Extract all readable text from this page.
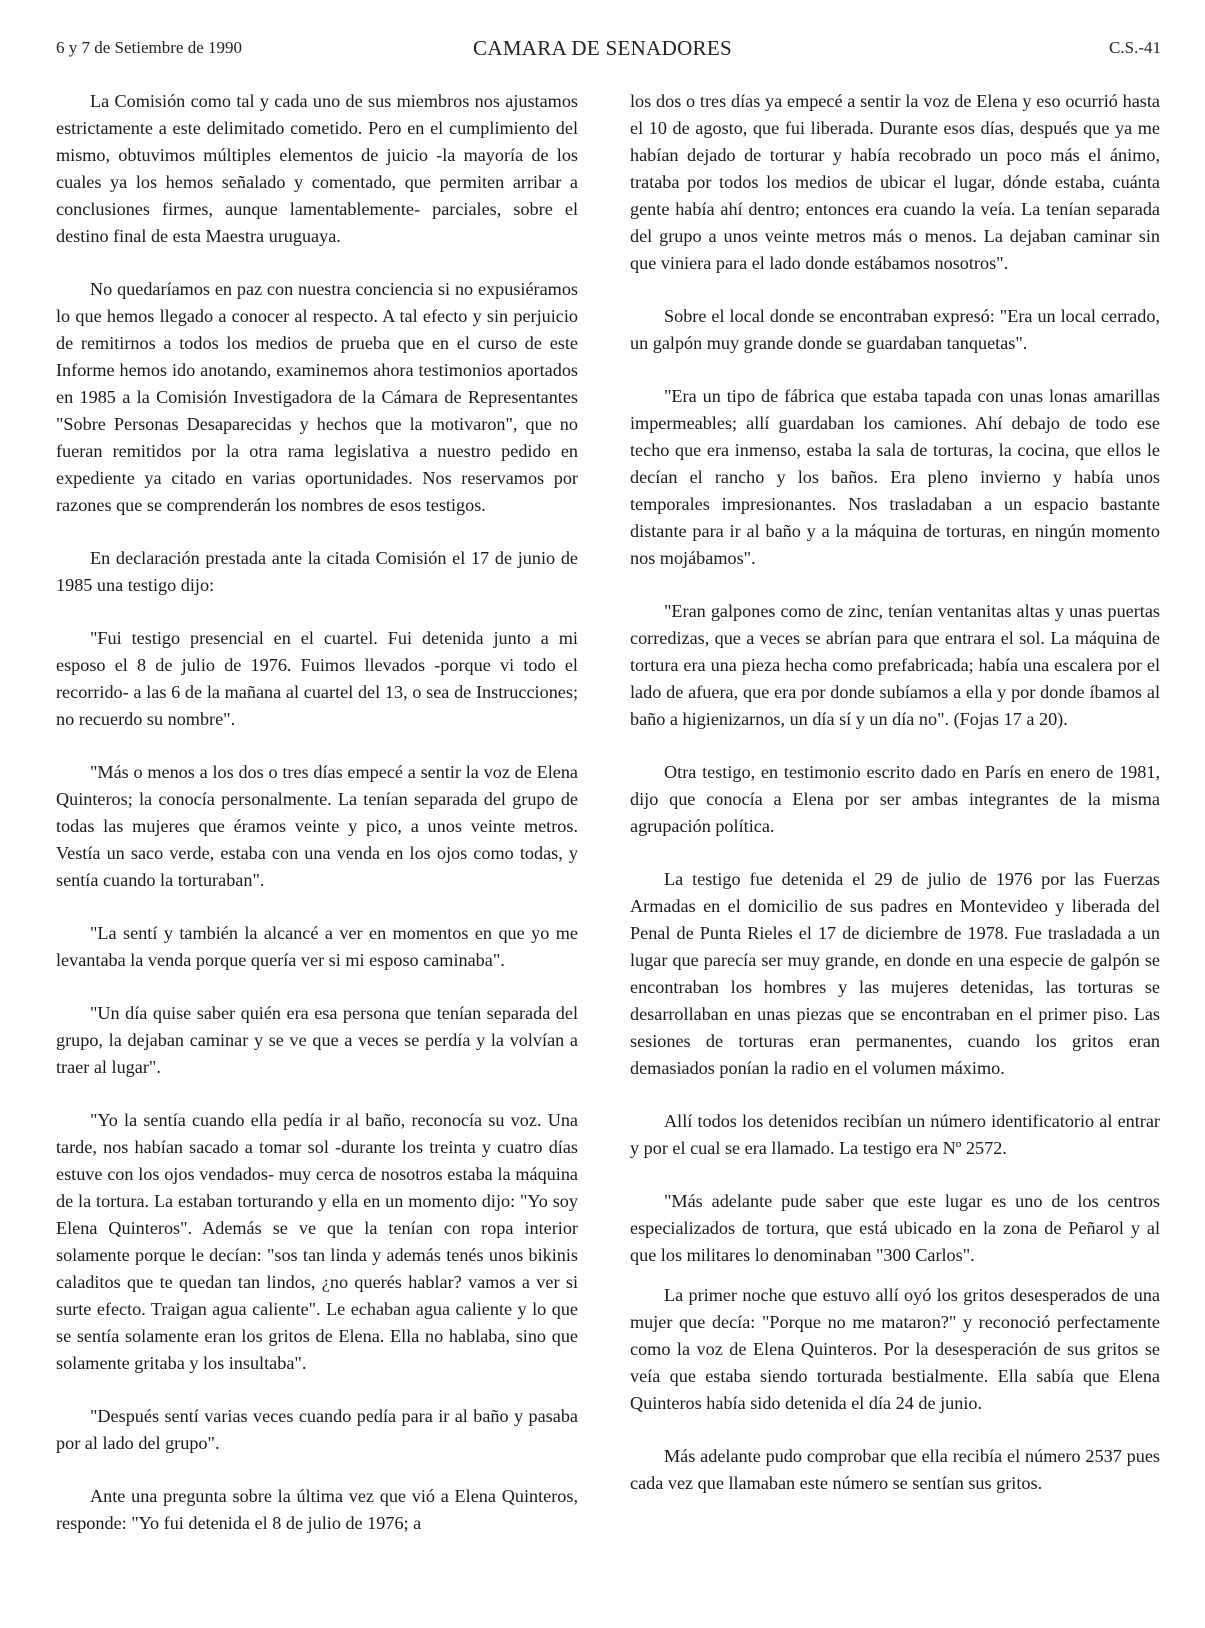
6 y 7 de Setiembre de 1990	CAMARA DE SENADORES	C.S.-41

La Comisión como tal y cada uno de sus miembros nos ajustamos estrictamente a este delimitado cometido. Pero en el cumplimiento del mismo, obtuvimos múltiples elementos de juicio -la mayoría de los cuales ya los hemos señalado y comentado, que permiten arribar a conclusiones firmes, aunque lamentablemente- parciales, sobre el destino final de esta Maestra uruguaya.

No quedaríamos en paz con nuestra conciencia si no expusiéramos lo que hemos llegado a conocer al respecto. A tal efecto y sin perjuicio de remitirnos a todos los medios de prueba que en el curso de este Informe hemos ido anotando, examinemos ahora testimonios aportados en 1985 a la Comisión Investigadora de la Cámara de Representantes "Sobre Personas Desaparecidas y hechos que la motivaron", que no fueran remitidos por la otra rama legislativa a nuestro pedido en expediente ya citado en varias oportunidades. Nos reservamos por razones que se comprenderán los nombres de esos testigos.

En declaración prestada ante la citada Comisión el 17 de junio de 1985 una testigo dijo:

"Fui testigo presencial en el cuartel. Fui detenida junto a mi esposo el 8 de julio de 1976. Fuimos llevados -porque vi todo el recorrido- a las 6 de la mañana al cuartel del 13, o sea de Instrucciones; no recuerdo su nombre".

"Más o menos a los dos o tres días empecé a sentir la voz de Elena Quinteros; la conocía personalmente. La tenían separada del grupo de todas las mujeres que éramos veinte y pico, a unos veinte metros. Vestía un saco verde, estaba con una venda en los ojos como todas, y sentía cuando la torturaban".

"La sentí y también la alcancé a ver en momentos en que yo me levantaba la venda porque quería ver si mi esposo caminaba".

"Un día quise saber quién era esa persona que tenían separada del grupo, la dejaban caminar y se ve que a veces se perdía y la volvían a traer al lugar".

"Yo la sentía cuando ella pedía ir al baño, reconocía su voz. Una tarde, nos habían sacado a tomar sol -durante los treinta y cuatro días estuve con los ojos vendados- muy cerca de nosotros estaba la máquina de la tortura. La estaban torturando y ella en un momento dijo: "Yo soy Elena Quinteros". Además se ve que la tenían con ropa interior solamente porque le decían: "sos tan linda y además tenés unos bikinis caladitos que te quedan tan lindos, ¿no querés hablar? vamos a ver si surte efecto. Traigan agua caliente". Le echaban agua caliente y lo que se sentía solamente eran los gritos de Elena. Ella no hablaba, sino que solamente gritaba y los insultaba".

"Después sentí varias veces cuando pedía para ir al baño y pasaba por al lado del grupo".

Ante una pregunta sobre la última vez que vió a Elena Quinteros, responde: "Yo fui detenida el 8 de julio de 1976; a

los dos o tres días ya empecé a sentir la voz de Elena y eso ocurrió hasta el 10 de agosto, que fui liberada. Durante esos días, después que ya me habían dejado de torturar y había recobrado un poco más el ánimo, trataba por todos los medios de ubicar el lugar, dónde estaba, cuánta gente había ahí dentro; entonces era cuando la veía. La tenían separada del grupo a unos veinte metros más o menos. La dejaban caminar sin que viniera para el lado donde estábamos nosotros".

Sobre el local donde se encontraban expresó: "Era un local cerrado, un galpón muy grande donde se guardaban tanquetas".

"Era un tipo de fábrica que estaba tapada con unas lonas amarillas impermeables; allí guardaban los camiones. Ahí debajo de todo ese techo que era inmenso, estaba la sala de torturas, la cocina, que ellos le decían el rancho y los baños. Era pleno invierno y había unos temporales impresionantes. Nos trasladaban a un espacio bastante distante para ir al baño y a la máquina de torturas, en ningún momento nos mojábamos".

"Eran galpones como de zinc, tenían ventanitas altas y unas puertas corredizas, que a veces se abrían para que entrara el sol. La máquina de tortura era una pieza hecha como prefabricada; había una escalera por el lado de afuera, que era por donde subíamos a ella y por donde íbamos al baño a higienizarnos, un día sí y un día no". (Fojas 17 a 20).

Otra testigo, en testimonio escrito dado en París en enero de 1981, dijo que conocía a Elena por ser ambas integrantes de la misma agrupación política.

La testigo fue detenida el 29 de julio de 1976 por las Fuerzas Armadas en el domicilio de sus padres en Montevideo y liberada del Penal de Punta Rieles el 17 de diciembre de 1978. Fue trasladada a un lugar que parecía ser muy grande, en donde en una especie de galpón se encontraban los hombres y las mujeres detenidas, las torturas se desarrollaban en unas piezas que se encontraban en el primer piso. Las sesiones de torturas eran permanentes, cuando los gritos eran demasiados ponían la radio en el volumen máximo.

Allí todos los detenidos recibían un número identificatorio al entrar y por el cual se era llamado. La testigo era Nº 2572.

"Más adelante pude saber que este lugar es uno de los centros especializados de tortura, que está ubicado en la zona de Peñarol y al que los militares lo denominaban "300 Carlos".

La primer noche que estuvo allí oyó los gritos desesperados de una mujer que decía: "Porque no me mataron?" y reconoció perfectamente como la voz de Elena Quinteros. Por la desesperación de sus gritos se veía que estaba siendo torturada bestialmente. Ella sabía que Elena Quinteros había sido detenida el día 24 de junio.

Más adelante pudo comprobar que ella recibía el número 2537 pues cada vez que llamaban este número se sentían sus gritos.
